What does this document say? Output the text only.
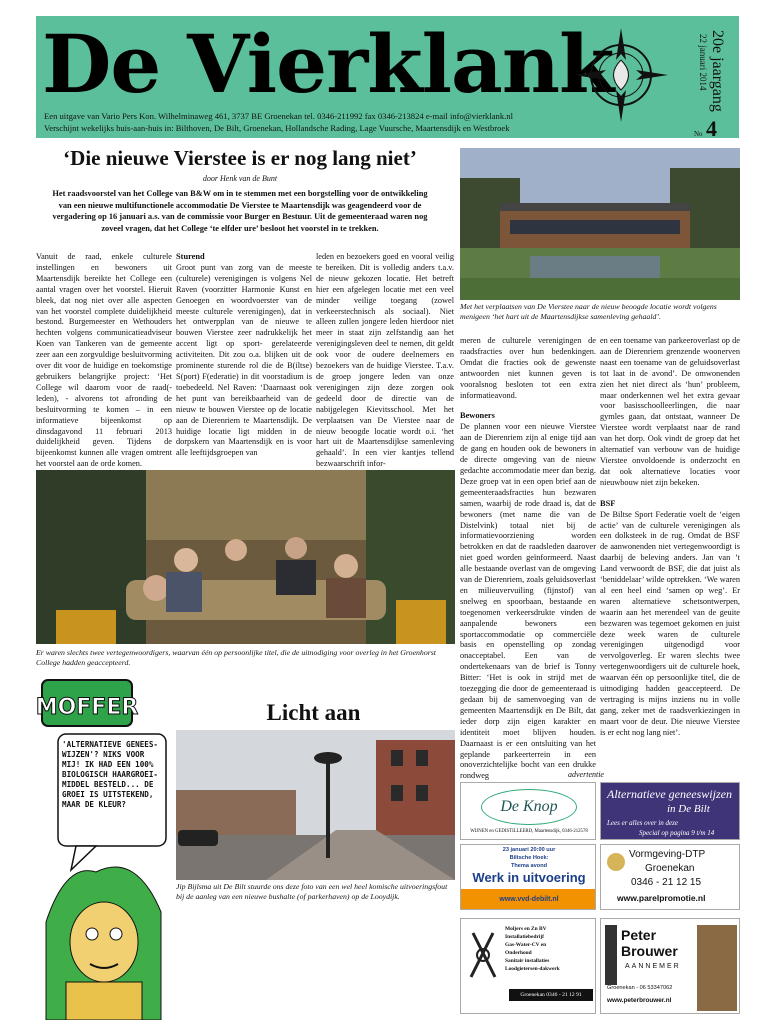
De Vierklank
Een uitgave van Vario Pers Kon. Wilhelminaweg 461, 3737 BE Groenekan tel. 0346-211992 fax 0346-213824 e-mail info@vierklank.nl
Verschijnt wekelijks huis-aan-huis in: Bilthoven, De Bilt, Groenekan, Hollandsche Rading, Lage Vuursche, Maartensdijk en Westbroek
20e jaargang
22 januari 2014
No 4
‘Die nieuwe Vierstee is er nog lang niet’
door Henk van de Bunt
Het raadsvoorstel van het College van B&W om in te stemmen met een borgstelling voor de ontwikkeling van een nieuwe multifunctionele accommodatie De Vierstee te Maartensdijk was geagendeerd voor de vergadering op 16 januari a.s. van de commissie voor Burger en Bestuur. Uit de gemeenteraad waren nog zoveel vragen, dat het College ‘te elfder ure’ besloot het voorstel in te trekken.
Vanuit de raad, enkele culturele instellingen en bewoners uit Maartensdijk bereikte het College een aantal vragen over het voorstel. Hieruit bleek, dat nog niet over alle aspecten van het voorstel complete duidelijkheid bestond. Burgemeester en Wethouders hechten volgens communicatieadviseur Koen van Tankeren van de gemeente zeer aan een zorgvuldige besluitvorming over dit voor de huidige en toekomstige gebruikers belangrijke project: ‘Het College wil daarom voor de raad(-leden), - alvorens tot afronding de besluitvorming te komen – in een informatieve bijeenkomst op dinsdagavond 11 februari 2013 duidelijkheid geven. Tijdens de bijeenkomst kunnen alle vragen omtrent het voorstel aan de orde komen.
Sturend
Groot punt van zorg van de meeste (culturele) verenigingen is volgens Nel Raven (voorzitter Harmonie Kunst en Genoegen en woordvoerster van de meeste culturele verenigingen), dat in het ontwerpplan van de nieuwe te bouwen Vierstee zeer nadrukkelijk het accent ligt op sport- gerelateerde activiteiten. Dit zou o.a. blijken uit de prominente sturende rol die de B(iltse) S(port) F(ederatie) in dit voorstadium is toebedeeld. Nel Raven: ‘Daarnaast ook het punt van bereikbaarheid van de nieuw te bouwen Vierstee op de locatie aan de Dierenriem te Maartensdijk. De huidige locatie ligt midden in de dorpskern van Maartensdijk en is voor alle leeftijdsgroepen van
leden en bezoekers goed en vooral veilig te bereiken. Dit is volledig anders t.a.v. de nieuw gekozen locatie. Het betreft hier een afgelegen locatie met een veel minder veilige toegang (zowel verkeerstechnisch als sociaal). Niet alleen zullen jongere leden hierdoor niet meer in staat zijn zelfstandig aan het verenigingsleven deel te nemen, dit geldt ook voor de oudere deelnemers en bezoekers van de huidige Vierstee. T.a.v. de groep jongere leden van onze verenigingen zijn deze zorgen ook gedeeld door de directie van de nabijgelegen Kievitsschool. Met het verplaatsen van De Vierstee naar de nieuw beoogde locatie wordt o.i. ‘het hart uit de Maartensdijkse samenleving gehaald’. In een vier kantjes tellend bezwaarschrift infor-
Met het verplaatsen van De Vierstee naar de nieuw beoogde locatie wordt volgens menigeen ‘het hart uit de Maartensdijkse samenleving gehaald’.
meren de culturele verenigingen de raadsfracties over hun bedenkingen. Omdat die fracties ook de gewenste antwoorden niet kunnen geven is vooralsnog besloten tot een extra informatieavond.
Bewoners
De plannen voor een nieuwe Vierstee aan de Dierenriem zijn al enige tijd aan de gang en houden ook de bewoners in de directe omgeving van de nieuw gedachte accommodatie meer dan bezig. Deze groep vat in een open brief aan de gemeenteraadsfracties hun bezwaren samen, waarbij de rode draad is, dat de bewoners (met name die van de Distelvink) totaal niet bij de informatievoorziening worden betrokken en dat de raadsleden daarover niet goed worden geïnformeerd. Naast alle bestaande overlast van de omgeving van de Dierenriem, zoals geluidsoverlast en milieuvervuiling (fijnstof) van snelweg en spoorbaan, bestaande en toegenomen verkeersdrukte vinden de aanpalende bewoners een sportaccommodatie op commerciële basis en openstelling op zondag onacceptabel. Een van de ondertekenaars van de brief is Tonny Bitter: ‘Het is ook in strijd met de toezegging die door de gemeenteraad is gedaan bij de samenvoeging van de gemeenten Maartensdijk en De Bilt, dat ieder dorp zijn eigen karakter en identiteit moet blijven houden. Daarnaast is er een ontsluiting van het geplande parkeerterrein in een onoverzichtelijke bocht van een drukke rondweg
en een toename van parkeeroverlast op de aan de Dierenriem grenzende woonerven naast een toename van de geluidsoverlast tot laat in de avond’. De omwonenden zien het niet direct als ‘hun’ probleem, maar onderkennen wel het extra gevaar voor basisschoolleerlingen, die naar gymles gaan, dat ontstaat, wanneer De Vierstee wordt verplaatst naar de rand van het dorp. Ook vindt de groep dat het alternatief van verbouw van de huidige Vierstee onvoldoende is onderzocht en dat ook alternatieve locaties voor nieuwbouw niet zijn bekeken.
BSF
De Biltse Sport Federatie voelt de ‘eigen actie’ van de culturele verenigingen als een dolksteek in de rug. Omdat de BSF de aanwonenden niet vertegenwoordigt is daarbij de beleving anders. Jan van ’t Land verwoordt de BSF, die dat juist als ‘beniddelaar’ wilde optrekken. ‘We waren al een heel eind ‘samen op weg’. Er waren alternatieve schetsontwerpen, waarin aan het merendeel van de geuite bezwaren was tegemoet gekomen en juist deze week waren de culturele verenigingen uitgenodigd voor vervolgoverleg. Er waren slechts twee vertegenwoordigers uit de culturele hoek, waarvan één op persoonlijke titel, die de uitnodiging hadden geaccepteerd. De vertraging is mijns inziens nu in volle gang, zeker met de raadsverkiezingen in maart voor de deur. Die nieuwe Vierstee is er echt nog lang niet’.
Er waren slechts twee vertegenwoordigers, waarvan één op persoonlijke titel, die de uitnodiging voor overleg in het Groenhorst College hadden geaccepteerd.
MOFFER
'ALTERNATIEVE GENEES-WIJZEN'? NIKS VOOR MIJ! IK HAD EEN 100% BIOLOGISCH HAARGROEI-MIDDEL BESTELD... DE GROEI IS UITSTEKEND, MAAR DE KLEUR?
Licht aan
Jip Bijlsma uit De Bilt stuurde ons deze foto van een wel heel komische uitvoeringsfout bij de aanleg van een nieuwe bushalte (of parkerhaven) op de Looydijk.
advertentie
De Knop
WIJNEN en GEDISTILLEERD, Maartensdijk, 0346-212578
Alternatieve geneeswijzen
in De Bilt
Lees er alles over in deze
Special op pagina 9 t/m 14
23 januari 20:00 uur
Biltsche Hoek:
Thema avond
Werk in uitvoering
www.vvd-debilt.nl
Vormgeving-DTP
Groenekan
0346 - 21 12 15
www.parelpromotie.nl
Moljers en Zn BV
Installatiebedrijf
Gas-Water-CV en
Onderhoud
Sanitair installaties
Loodgietersen-dakwerk
Groenekan 0346 - 21 12 91
Peter
Brouwer
AANNEMER
Groenekan - 06 53347062
www.peterbrouwer.nl
